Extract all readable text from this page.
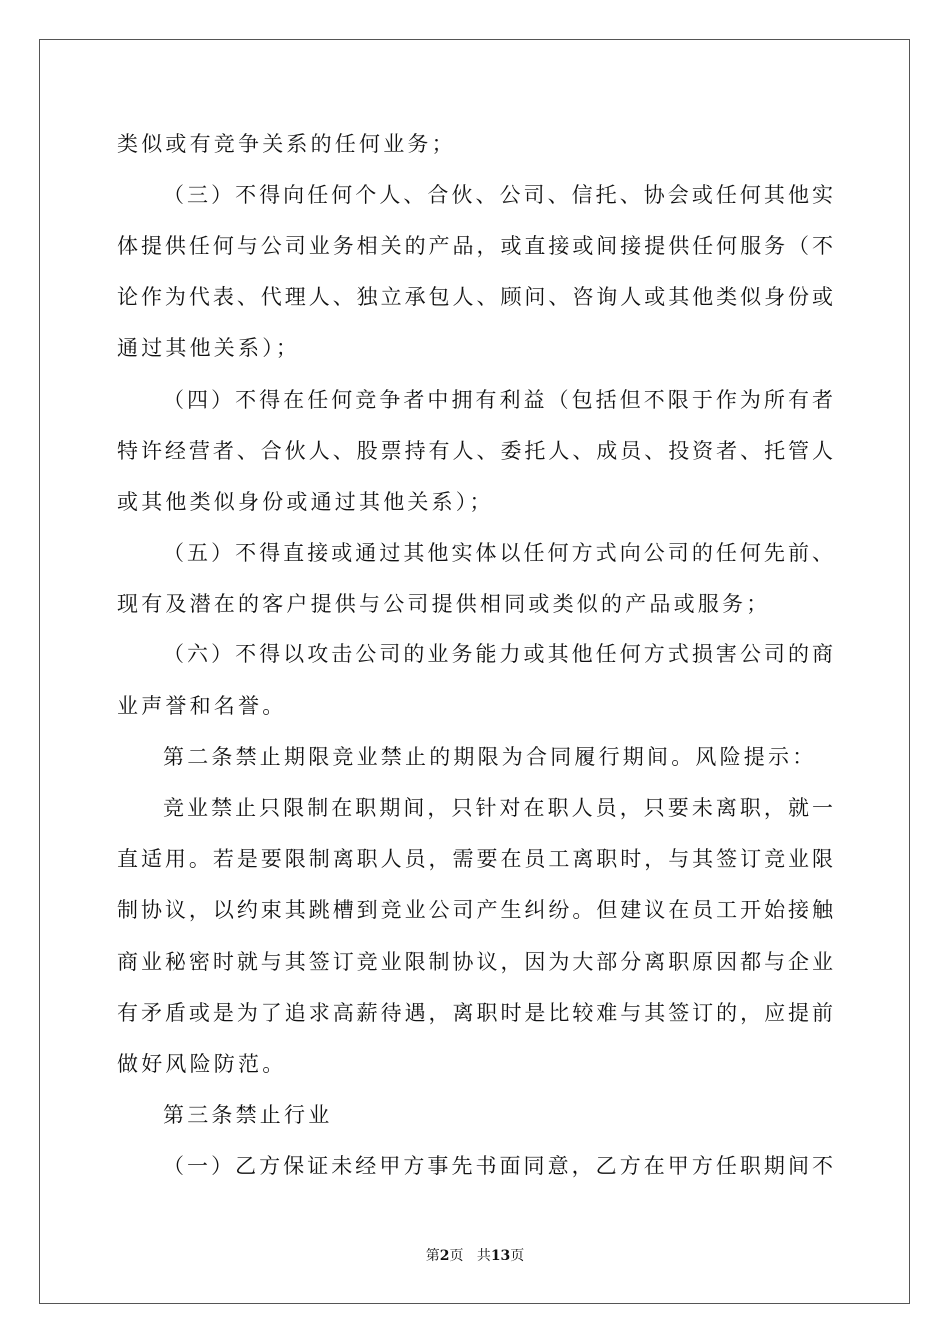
类似或有竞争关系的任何业务；
（三）不得向任何个人、合伙、公司、信托、协会或任何其他实
体提供任何与公司业务相关的产品，或直接或间接提供任何服务（不
论作为代表、代理人、独立承包人、顾问、咨询人或其他类似身份或
通过其他关系）；
（四）不得在任何竞争者中拥有利益（包括但不限于作为所有者
特许经营者、合伙人、股票持有人、委托人、成员、投资者、托管人
或其他类似身份或通过其他关系）；
（五）不得直接或通过其他实体以任何方式向公司的任何先前、
现有及潜在的客户提供与公司提供相同或类似的产品或服务；
（六）不得以攻击公司的业务能力或其他任何方式损害公司的商
业声誉和名誉。
第二条禁止期限竞业禁止的期限为合同履行期间。风险提示：
竞业禁止只限制在职期间，只针对在职人员，只要未离职，就一
直适用。若是要限制离职人员，需要在员工离职时，与其签订竞业限
制协议，以约束其跳槽到竞业公司产生纠纷。但建议在员工开始接触
商业秘密时就与其签订竞业限制协议，因为大部分离职原因都与企业
有矛盾或是为了追求高薪待遇，离职时是比较难与其签订的，应提前
做好风险防范。
第三条禁止行业
（一）乙方保证未经甲方事先书面同意，乙方在甲方任职期间不
第2页 共13页
